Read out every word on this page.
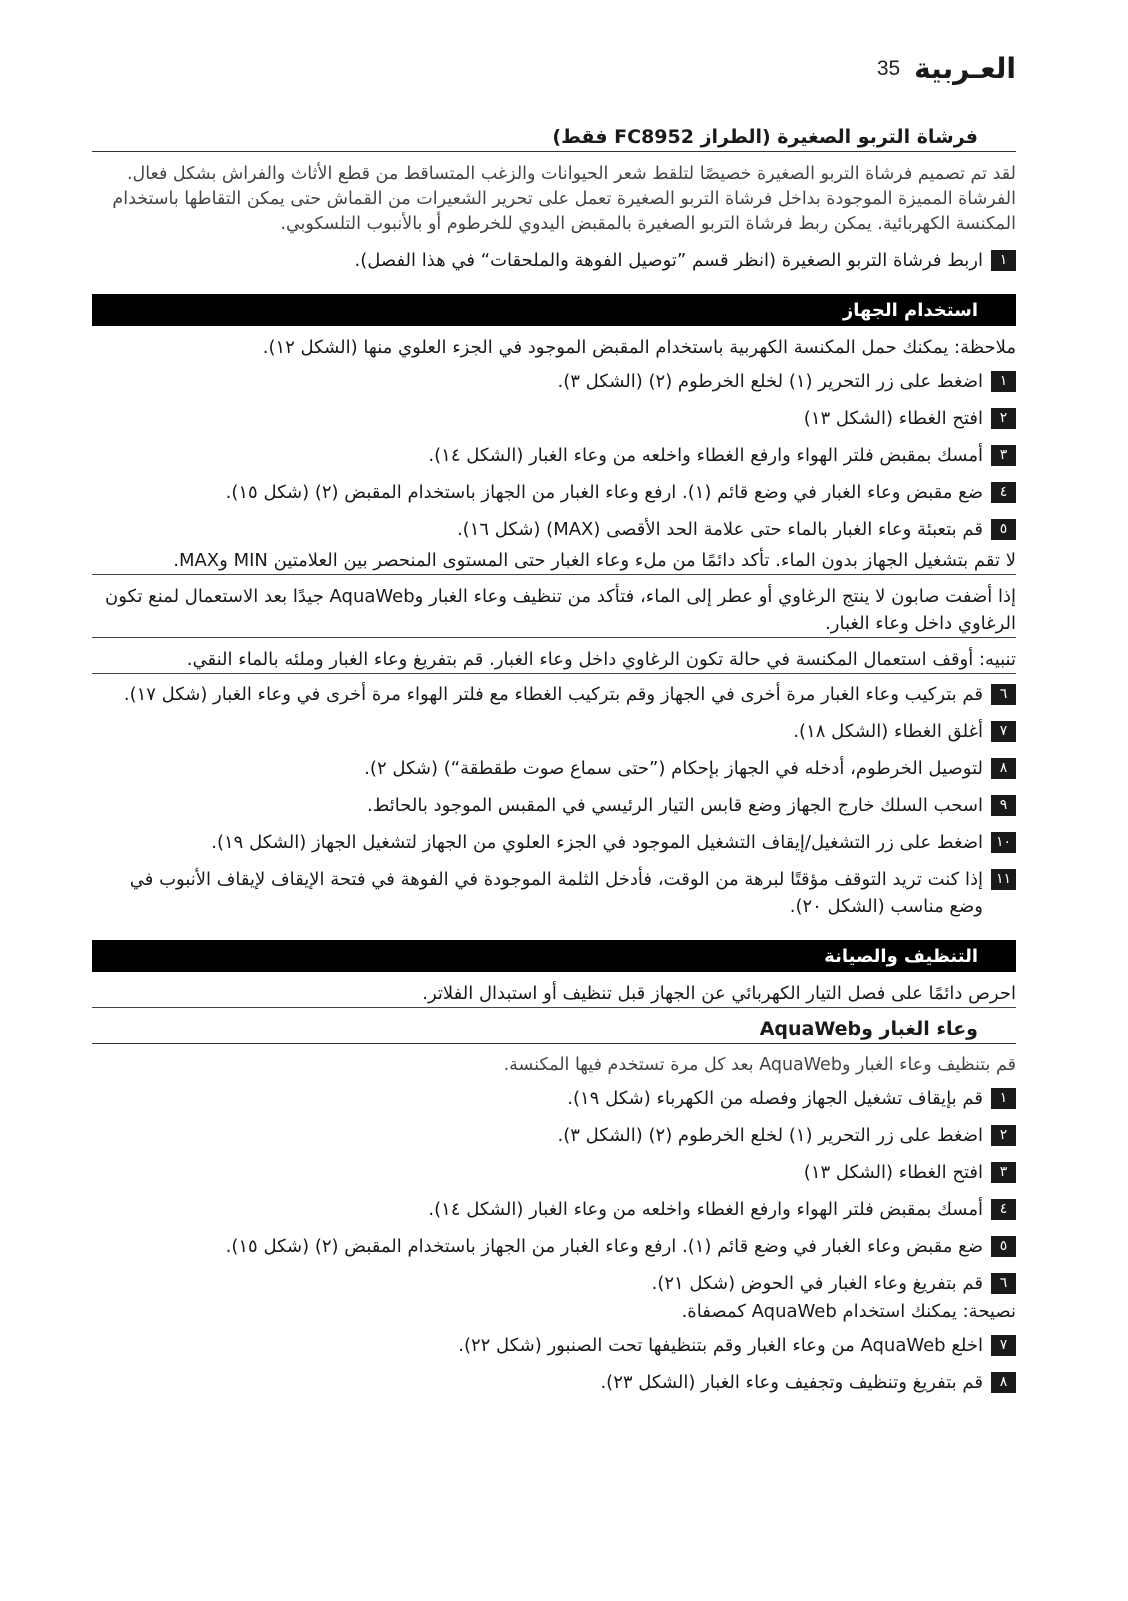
35 العـربية
فرشاة التربو الصغيرة (الطراز FC8952 فقط)
لقد تم تصميم فرشاة التربو الصغيرة خصيصًا لتلقط شعر الحيوانات والزغب المتساقط من قطع الأثاث والفراش بشكل فعال. الفرشاة المميزة الموجودة بداخل فرشاة التربو الصغيرة تعمل على تحرير الشعيرات من القماش حتى يمكن التقاطها باستخدام المكنسة الكهربائية. يمكن ربط فرشاة التربو الصغيرة بالمقبض اليدوي للخرطوم أو بالأنبوب التلسكوبي.
١
اربط فرشاة التربو الصغيرة (انظر قسم ”توصيل الفوهة والملحقات“ في هذا الفصل).
استخدام الجهاز
ملاحظة: يمكنك حمل المكنسة الكهربية باستخدام المقبض الموجود في الجزء العلوي منها (الشكل ١٢).
١
اضغط على زر التحرير (١) لخلع الخرطوم (٢) (الشكل ٣).
٢
افتح الغطاء (الشكل ١٣)
٣
أمسك بمقبض فلتر الهواء وارفع الغطاء واخلعه من وعاء الغبار (الشكل ١٤).
٤
ضع مقبض وعاء الغبار في وضع قائم (١). ارفع وعاء الغبار من الجهاز باستخدام المقبض (٢) (شكل ١٥).
٥
قم بتعبئة وعاء الغبار بالماء حتى علامة الحد الأقصى (MAX) (شكل ١٦).
لا تقم بتشغيل الجهاز بدون الماء. تأكد دائمًا من ملء وعاء الغبار حتى المستوى المنحصر بين العلامتين MIN وMAX.
إذا أضفت صابون لا ينتج الرغاوي أو عطر إلى الماء، فتأكد من تنظيف وعاء الغبار وAquaWeb جيدًا بعد الاستعمال لمنع تكون الرغاوي داخل وعاء الغبار.
تنبيه: أوقف استعمال المكنسة في حالة تكون الرغاوي داخل وعاء الغبار. قم بتفريغ وعاء الغبار وملئه بالماء النقي.
٦
قم بتركيب وعاء الغبار مرة أخرى في الجهاز وقم بتركيب الغطاء مع فلتر الهواء مرة أخرى في وعاء الغبار (شكل ١٧).
٧
أغلق الغطاء (الشكل ١٨).
٨
لتوصيل الخرطوم، أدخله في الجهاز بإحكام (”حتى سماع صوت طقطقة“) (شكل ٢).
٩
اسحب السلك خارج الجهاز وضع قابس التيار الرئيسي في المقبس الموجود بالحائط.
١٠
اضغط على زر التشغيل/إيقاف التشغيل الموجود في الجزء العلوي من الجهاز لتشغيل الجهاز (الشكل ١٩).
١١
إذا كنت تريد التوقف مؤقتًا لبرهة من الوقت، فأدخل الثلمة الموجودة في الفوهة في فتحة الإيقاف لإيقاف الأنبوب في وضع مناسب (الشكل ٢٠).
التنظيف والصيانة
احرص دائمًا على فصل التيار الكهربائي عن الجهاز قبل تنظيف أو استبدال الفلاتر.
وعاء الغبار وAquaWeb
قم بتنظيف وعاء الغبار وAquaWeb بعد كل مرة تستخدم فيها المكنسة.
١
قم بإيقاف تشغيل الجهاز وفصله من الكهرباء (شكل ١٩).
٢
اضغط على زر التحرير (١) لخلع الخرطوم (٢) (الشكل ٣).
٣
افتح الغطاء (الشكل ١٣)
٤
أمسك بمقبض فلتر الهواء وارفع الغطاء واخلعه من وعاء الغبار (الشكل ١٤).
٥
ضع مقبض وعاء الغبار في وضع قائم (١). ارفع وعاء الغبار من الجهاز باستخدام المقبض (٢) (شكل ١٥).
٦
قم بتفريغ وعاء الغبار في الحوض (شكل ٢١).
نصيحة: يمكنك استخدام AquaWeb كمصفاة.
٧
اخلع AquaWeb من وعاء الغبار وقم بتنظيفها تحت الصنبور (شكل ٢٢).
٨
قم بتفريغ وتنظيف وتجفيف وعاء الغبار (الشكل ٢٣).
